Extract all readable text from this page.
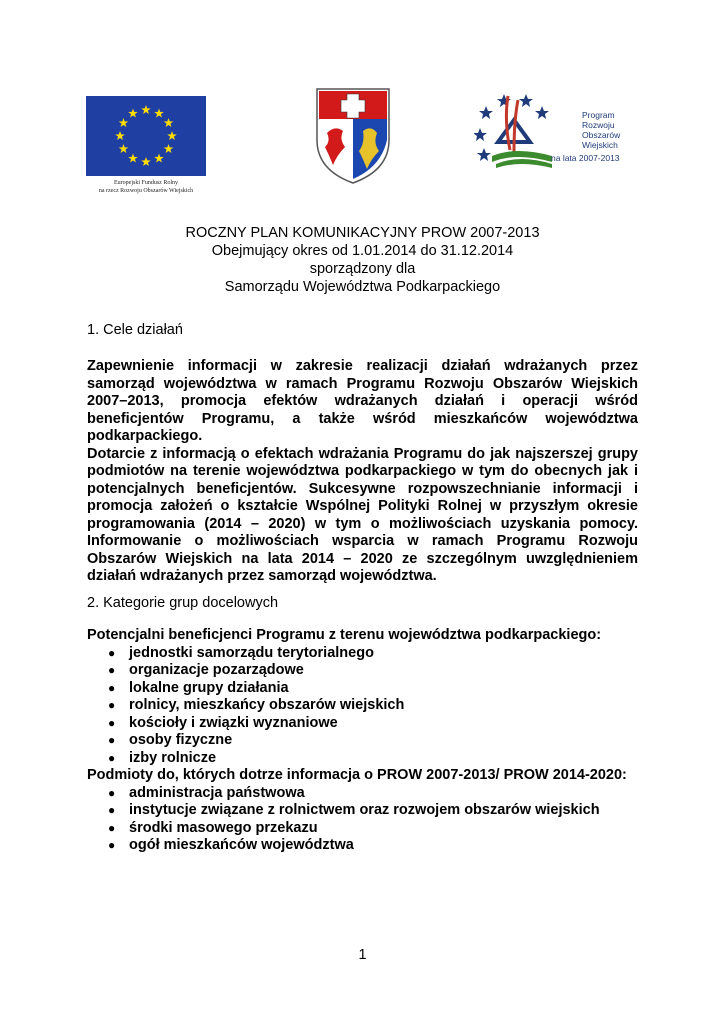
Europejski Fundusz Rolny
na rzecz Rozwoju Obszarów Wiejskich
Program
Rozwoju
Obszarów
Wiejskich
na lata 2007-2013
ROCZNY PLAN KOMUNIKACYJNY PROW 2007-2013
Obejmujący okres od 1.01.2014 do 31.12.2014
sporządzony dla
Samorządu Województwa Podkarpackiego
1. Cele działań

Zapewnienie informacji w zakresie realizacji działań wdrażanych przez samorząd województwa w ramach Programu Rozwoju Obszarów Wiejskich 2007–2013, promocja efektów wdrażanych działań i operacji wśród beneficjentów Programu, a także wśród mieszkańców województwa podkarpackiego.

Dotarcie z informacją o efektach wdrażania Programu do jak najszerszej grupy podmiotów na terenie województwa podkarpackiego w tym do obecnych jak i potencjalnych beneficjentów. Sukcesywne rozpowszechnianie informacji i promocja założeń o kształcie Wspólnej Polityki Rolnej w przyszłym okresie programowania (2014 – 2020) w tym o możliwościach uzyskania pomocy. Informowanie o możliwościach wsparcia w ramach Programu Rozwoju Obszarów Wiejskich na lata 2014 – 2020 ze szczególnym uwzględnieniem działań wdrażanych przez samorząd województwa.

2. Kategorie grup docelowych

Potencjalni beneficjenci Programu z terenu województwa podkarpackiego:

● jednostki samorządu terytorialnego
● organizacje pozarządowe
● lokalne grupy działania
● rolnicy, mieszkańcy obszarów wiejskich
● kościoły i związki wyznaniowe
● osoby fizyczne
● izby rolnicze

Podmioty do, których dotrze informacja o PROW 2007-2013/ PROW 2014-2020:

● administracja państwowa
● instytucje związane z rolnictwem oraz rozwojem obszarów wiejskich
● środki masowego przekazu
● ogół mieszkańców województwa
1
